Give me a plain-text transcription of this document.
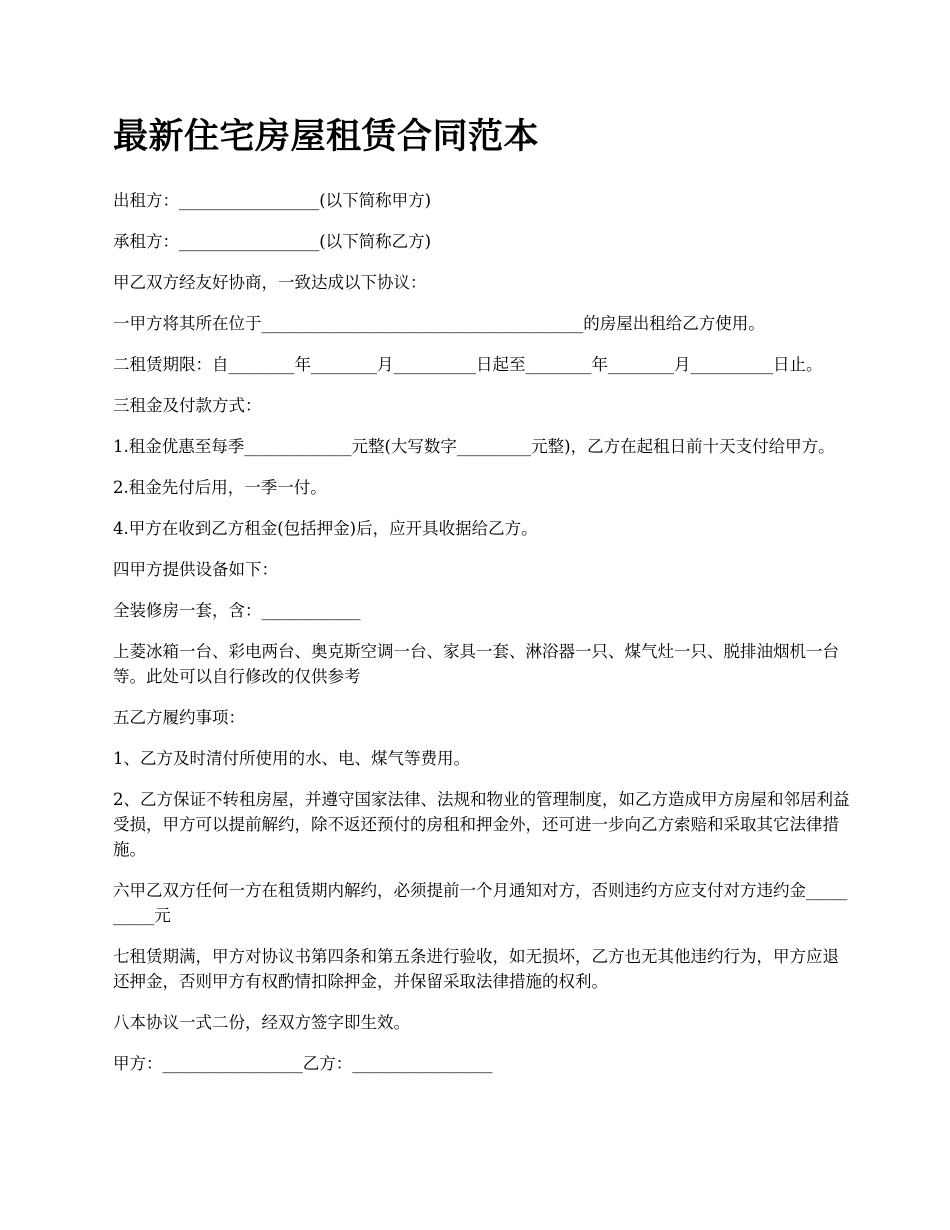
最新住宅房屋租赁合同范本

出租方：_________________(以下简称甲方)

承租方：_________________(以下简称乙方)

甲乙双方经友好协商，一致达成以下协议：

一甲方将其所在位于_______________________________________的房屋出租给乙方使用。

二租赁期限：自________年________月__________日起至________年________月__________日止。

三租金及付款方式：

1.租金优惠至每季_____________元整(大写数字_________元整)，乙方在起租日前十天支付给甲方。

2.租金先付后用，一季一付。

4.甲方在收到乙方租金(包括押金)后，应开具收据给乙方。

四甲方提供设备如下：

全装修房一套，含：____________

上菱冰箱一台、彩电两台、奥克斯空调一台、家具一套、淋浴器一只、煤气灶一只、脱排油烟机一台等。此处可以自行修改的仅供参考

五乙方履约事项：

1、乙方及时清付所使用的水、电、煤气等费用。

2、乙方保证不转租房屋，并遵守国家法律、法规和物业的管理制度，如乙方造成甲方房屋和邻居利益受损，甲方可以提前解约，除不返还预付的房租和押金外，还可进一步向乙方索赔和采取其它法律措施。

六甲乙双方任何一方在租赁期内解约，必须提前一个月通知对方，否则违约方应支付对方违约金__________元

七租赁期满，甲方对协议书第四条和第五条进行验收，如无损坏，乙方也无其他违约行为，甲方应退还押金，否则甲方有权酌情扣除押金，并保留采取法律措施的权利。

八本协议一式二份，经双方签字即生效。

甲方：_________________乙方：_________________
